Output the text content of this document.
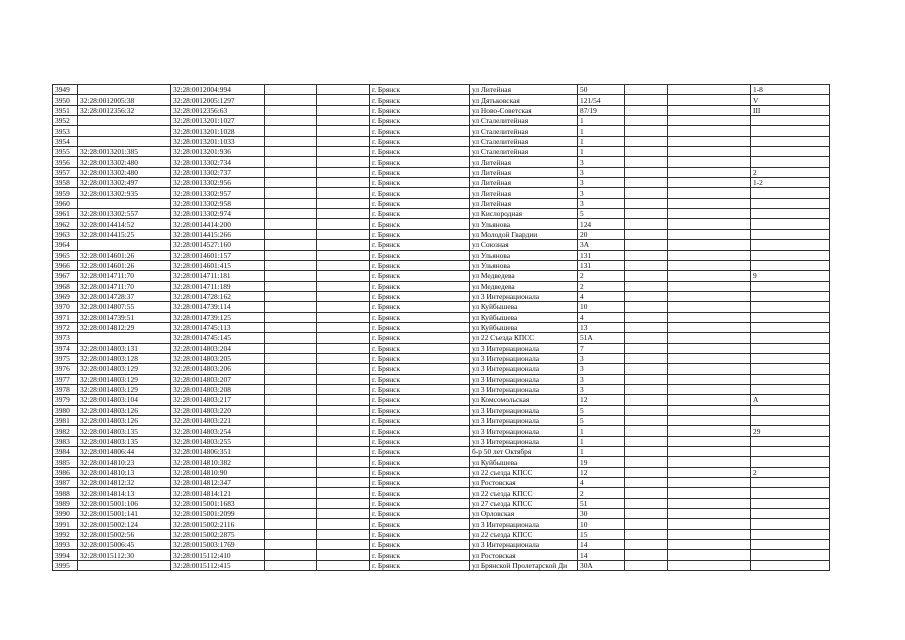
3949		32:28:0012004:994			г. Брянск	ул Литейная	50			1-8
3950	32:28:0012005:38	32:28:0012005:1297			г. Брянск	ул Дятьковская	121/54			V
3951	32:28:0012356:32	32:28:0012356:63			г. Брянск	ул Ново-Советская	87/19			III
3952		32:28:0013201:1027			г. Брянск	ул Сталелитейная	1			
3953		32:28:0013201:1028			г. Брянск	ул Сталелитейная	1			
3954		32:28:0013201:1033			г. Брянск	ул Сталелитейная	1			
3955	32:28:0013201:385	32:28:0013201:936			г. Брянск	ул Сталелитейная	1			
3956	32:28:0013302:480	32:28:0013302:734			г. Брянск	ул Литейная	3			
3957	32:28:0013302:480	32:28:0013302:737			г. Брянск	ул Литейная	3			2
3958	32:28:0013302:497	32:28:0013302:956			г. Брянск	ул Литейная	3			1-2
3959	32:28:0013302:935	32:28:0013302:957			г. Брянск	ул Литейная	3			
3960		32:28:0013302:958			г. Брянск	ул Литейная	3			
3961	32:28:0013302:557	32:28:0013302:974			г. Брянск	ул Кислородная	5			
3962	32:28:0014414:52	32:28:0014414:200			г. Брянск	ул Ульянова	124			
3963	32:28:0014415:25	32:28:0014415:266			г. Брянск	ул Молодой Гвардии	20			
3964		32:28:0014527:160			г. Брянск	ул Союзная	3А			
3965	32:28:0014601:26	32:28:0014601:157			г. Брянск	ул Ульянова	131			
3966	32:28:0014601:26	32:28:0014601:415			г. Брянск	ул Ульянова	131			
3967	32:28:0014711:70	32:28:0014711:181			г. Брянск	ул Медведева	2			9
3968	32:28:0014711:70	32:28:0014711:189			г. Брянск	ул Медведева	2			
3969	32:28:0014728:37	32:28:0014728:162			г. Брянск	ул 3 Интернационала	4			
3970	32:28:0014807:55	32:28:0014739:114			г. Брянск	ул Куйбышева	10			
3971	32:28:0014739:51	32:28:0014739:125			г. Брянск	ул Куйбышева	4			
3972	32:28:0014812:29	32:28:0014745:113			г. Брянск	ул Куйбышева	13			
3973		32:28:0014745:145			г. Брянск	ул 22 Съезда КПСС	51А			
3974	32:28:0014803:131	32:28:0014803:204			г. Брянск	ул 3 Интернационала	7			
3975	32:28:0014803:128	32:28:0014803:205			г. Брянск	ул 3 Интернационала	3			
3976	32:28:0014803:129	32:28:0014803:206			г. Брянск	ул 3 Интернационала	3			
3977	32:28:0014803:129	32:28:0014803:207			г. Брянск	ул 3 Интернационала	3			
3978	32:28:0014803:129	32:28:0014803:208			г. Брянск	ул 3 Интернационала	3			
3979	32:28:0014803:104	32:28:0014803:217			г. Брянск	ул Комсомольская	12			А
3980	32:28:0014803:126	32:28:0014803:220			г. Брянск	ул 3 Интернационала	5			
3981	32:28:0014803:126	32:28:0014803:221			г. Брянск	ул 3 Интернационала	5			
3982	32:28:0014803:135	32:28:0014803:254			г. Брянск	ул 3 Интернационала	1			29
3983	32:28:0014803:135	32:28:0014803:255			г. Брянск	ул 3 Интернационала	1			
3984	32:28:0014806:44	32:28:0014806:351			г. Брянск	б-р 50 лет Октября	1			
3985	32:28:0014810:23	32:28:0014810:382			г. Брянск	ул Куйбышева	19			
3986	32:28:0014810:13	32:28:0014810:90			г. Брянск	ул 22 съезда КПСС	12			2
3987	32:28:0014812:32	32:28:0014812:347			г. Брянск	ул Ростовская	4			
3988	32:28:0014814:13	32:28:0014814:121			г. Брянск	ул 22 съезда КПСС	2			
3989	32:28:0015001:106	32:28:0015001:1683			г. Брянск	ул 27 съезда КПСС	51			
3990	32:28:0015001:141	32:28:0015001:2099			г. Брянск	ул Орловская	30			
3991	32:28:0015002:124	32:28:0015002:2116			г. Брянск	ул 3 Интернационала	10			
3992	32:28:0015002:56	32:28:0015002:2875			г. Брянск	ул 22 съезда КПСС	15			
3993	32:28:0015006:45	32:28:0015003:1769			г. Брянск	ул 3 Интернационала	14			
3994	32:28:0015112:30	32:28:0015112:410			г. Брянск	ул Ростовская	14			
3995		32:28:0015112:415			г. Брянск	ул Брянской Пролетарской Ди	30А			
